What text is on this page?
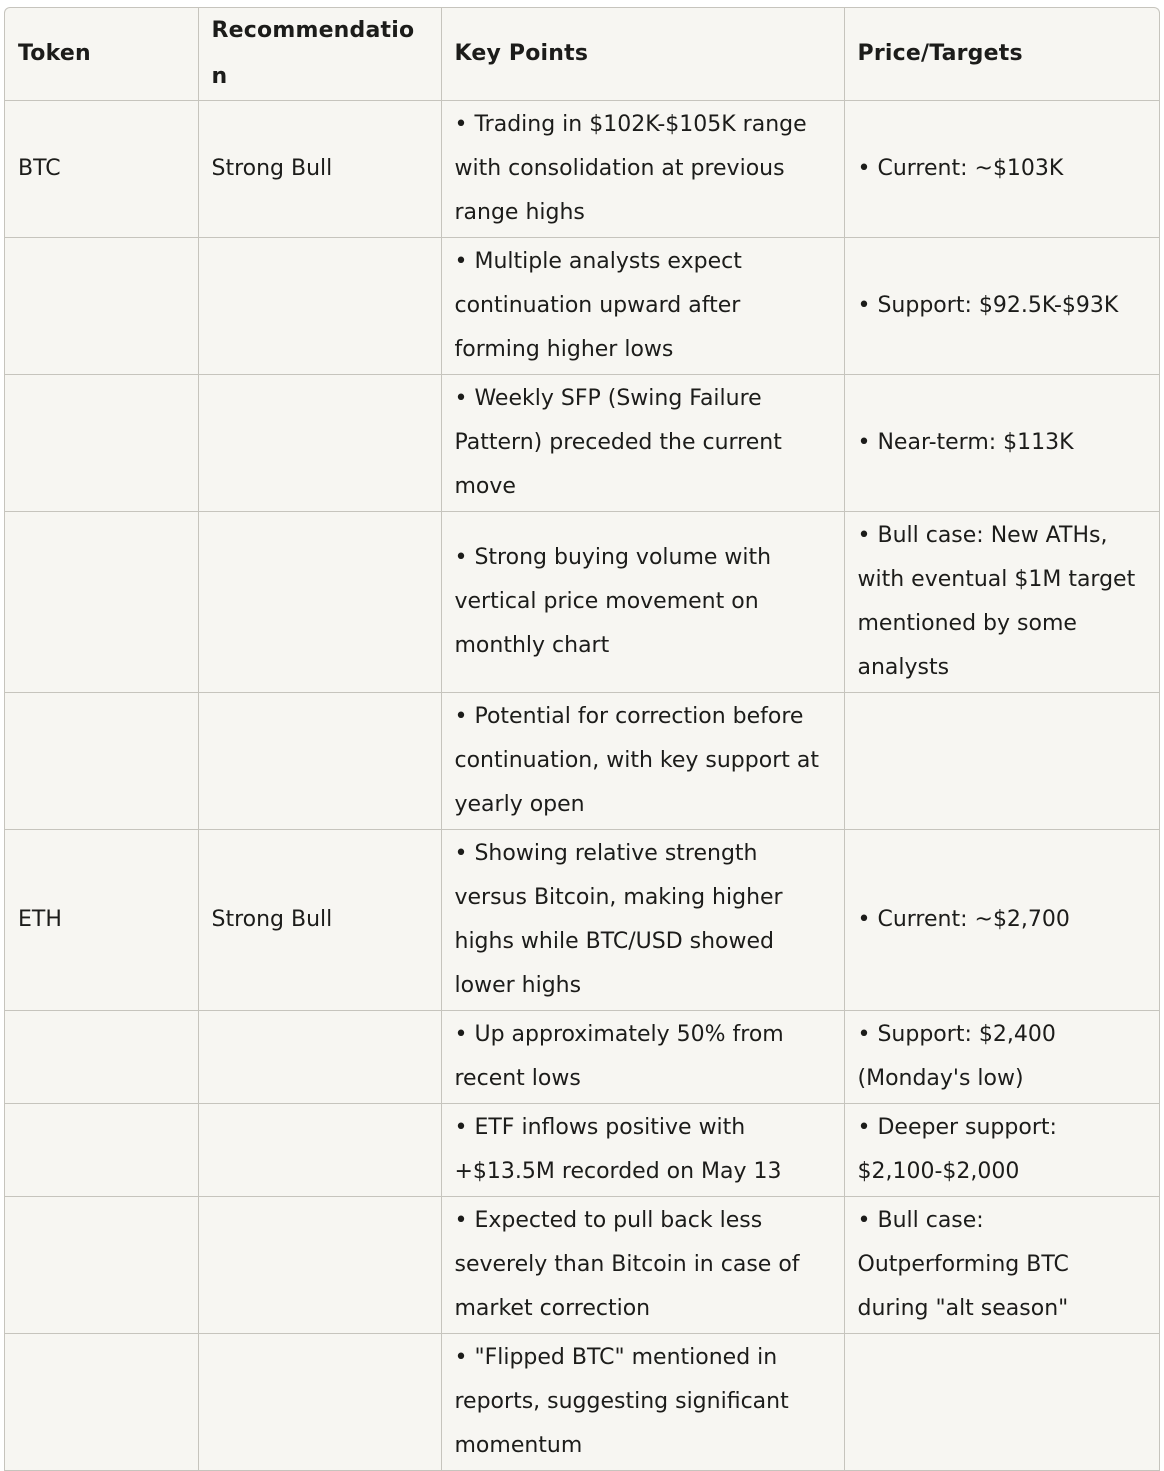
Token	Recommendation	Key Points	Price/Targets
BTC	Strong Bull	• Trading in $102K-$105K range with consolidation at previous range highs	• Current: ~$103K
		• Multiple analysts expect continuation upward after forming higher lows	• Support: $92.5K-$93K
		• Weekly SFP (Swing Failure Pattern) preceded the current move	• Near-term: $113K
		• Strong buying volume with vertical price movement on monthly chart	• Bull case: New ATHs, with eventual $1M target mentioned by some analysts
		• Potential for correction before continuation, with key support at yearly open	
ETH	Strong Bull	• Showing relative strength versus Bitcoin, making higher highs while BTC/USD showed lower highs	• Current: ~$2,700
		• Up approximately 50% from recent lows	• Support: $2,400 (Monday's low)
		• ETF inflows positive with +$13.5M recorded on May 13	• Deeper support: $2,100-$2,000
		• Expected to pull back less severely than Bitcoin in case of market correction	• Bull case: Outperforming BTC during "alt season"
		• "Flipped BTC" mentioned in reports, suggesting significant momentum	
